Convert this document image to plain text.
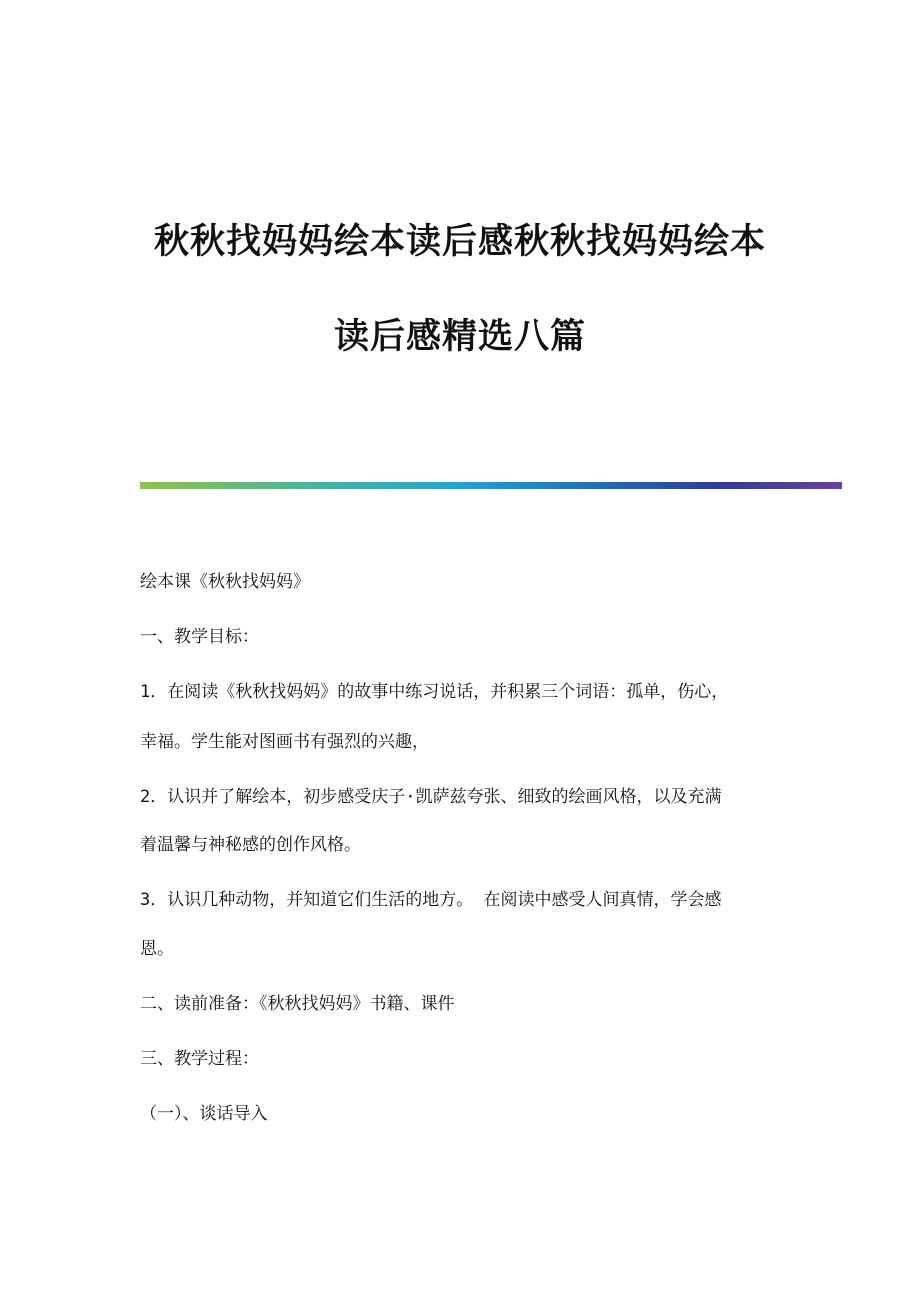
秋秋找妈妈绘本读后感秋秋找妈妈绘本
读后感精选八篇
绘本课《秋秋找妈妈》
一、教学目标：
1．在阅读《秋秋找妈妈》的故事中练习说话，并积累三个词语：孤单，伤心，
幸福。学生能对图画书有强烈的兴趣，
2．认识并了解绘本，初步感受庆子·凯萨兹夸张、细致的绘画风格，以及充满
着温馨与神秘感的创作风格。
3．认识几种动物，并知道它们生活的地方。 在阅读中感受人间真情，学会感
恩。
二、读前准备：《秋秋找妈妈》书籍、课件
三、教学过程：
（一）、谈话导入
